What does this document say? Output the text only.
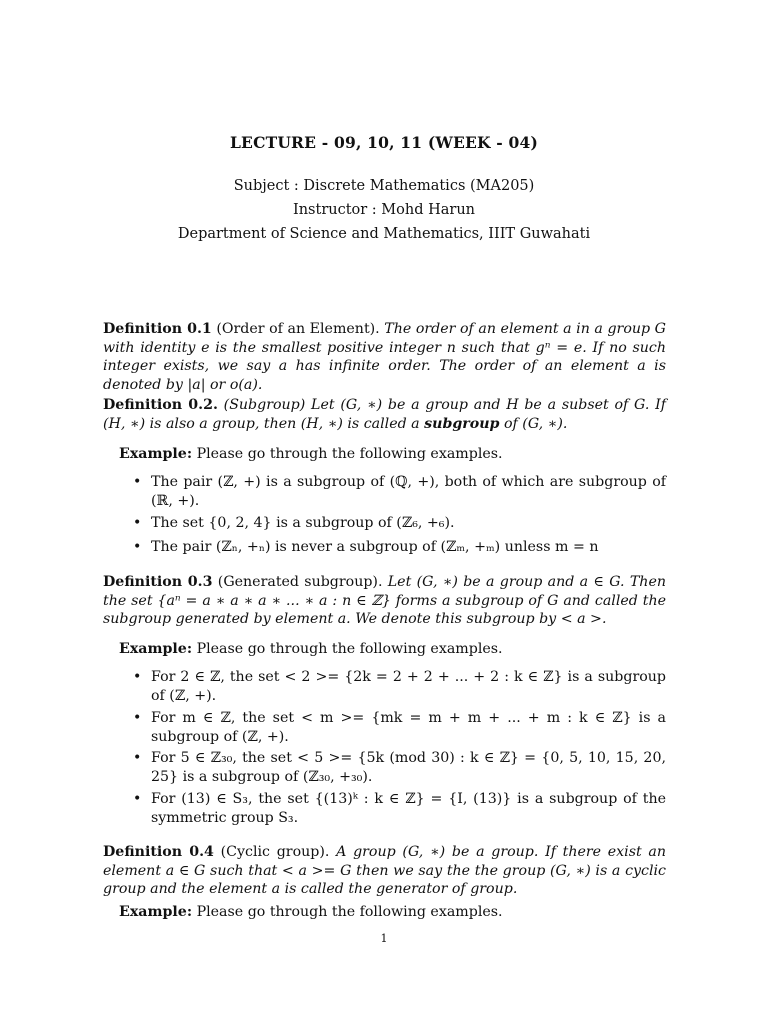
LECTURE - 09, 10, 11 (WEEK - 04)
Subject : Discrete Mathematics (MA205)
Instructor : Mohd Harun
Department of Science and Mathematics, IIIT Guwahati
Definition 0.1 (Order of an Element). The order of an element a in a group G with identity e is the smallest positive integer n such that gⁿ = e. If no such integer exists, we say a has infinite order. The order of an element a is denoted by |a| or o(a).
Definition 0.2. (Subgroup) Let (G, ∗) be a group and H be a subset of G. If (H, ∗) is also a group, then (H, ∗) is called a subgroup of (G, ∗).
Example: Please go through the following examples.
• The pair (ℤ, +) is a subgroup of (ℚ, +), both of which are subgroup of (ℝ, +).
• The set {0, 2, 4} is a subgroup of (ℤ₆, +₆).
• The pair (ℤₙ, +ₙ) is never a subgroup of (ℤₘ, +ₘ) unless m = n
Definition 0.3 (Generated subgroup). Let (G, ∗) be a group and a ∈ G. Then the set {aⁿ = a ∗ a ∗ a ∗ ... ∗ a : n ∈ ℤ} forms a subgroup of G and called the subgroup generated by element a. We denote this subgroup by < a >.
Example: Please go through the following examples.
• For 2 ∈ ℤ, the set < 2 >= {2k = 2 + 2 + ... + 2 : k ∈ ℤ} is a subgroup of (ℤ, +).
• For m ∈ ℤ, the set < m >= {mk = m + m + ... + m : k ∈ ℤ} is a subgroup of (ℤ, +).
• For 5 ∈ ℤ₃₀, the set < 5 >= {5k (mod 30) : k ∈ ℤ} = {0, 5, 10, 15, 20, 25} is a subgroup of (ℤ₃₀, +₃₀).
• For (13) ∈ S₃, the set {(13)ᵏ : k ∈ ℤ} = {I, (13)} is a subgroup of the symmetric group S₃.
Definition 0.4 (Cyclic group). A group (G, ∗) be a group. If there exist an element a ∈ G such that < a >= G then we say the the group (G, ∗) is a cyclic group and the element a is called the generator of group.
Example: Please go through the following examples.
1
